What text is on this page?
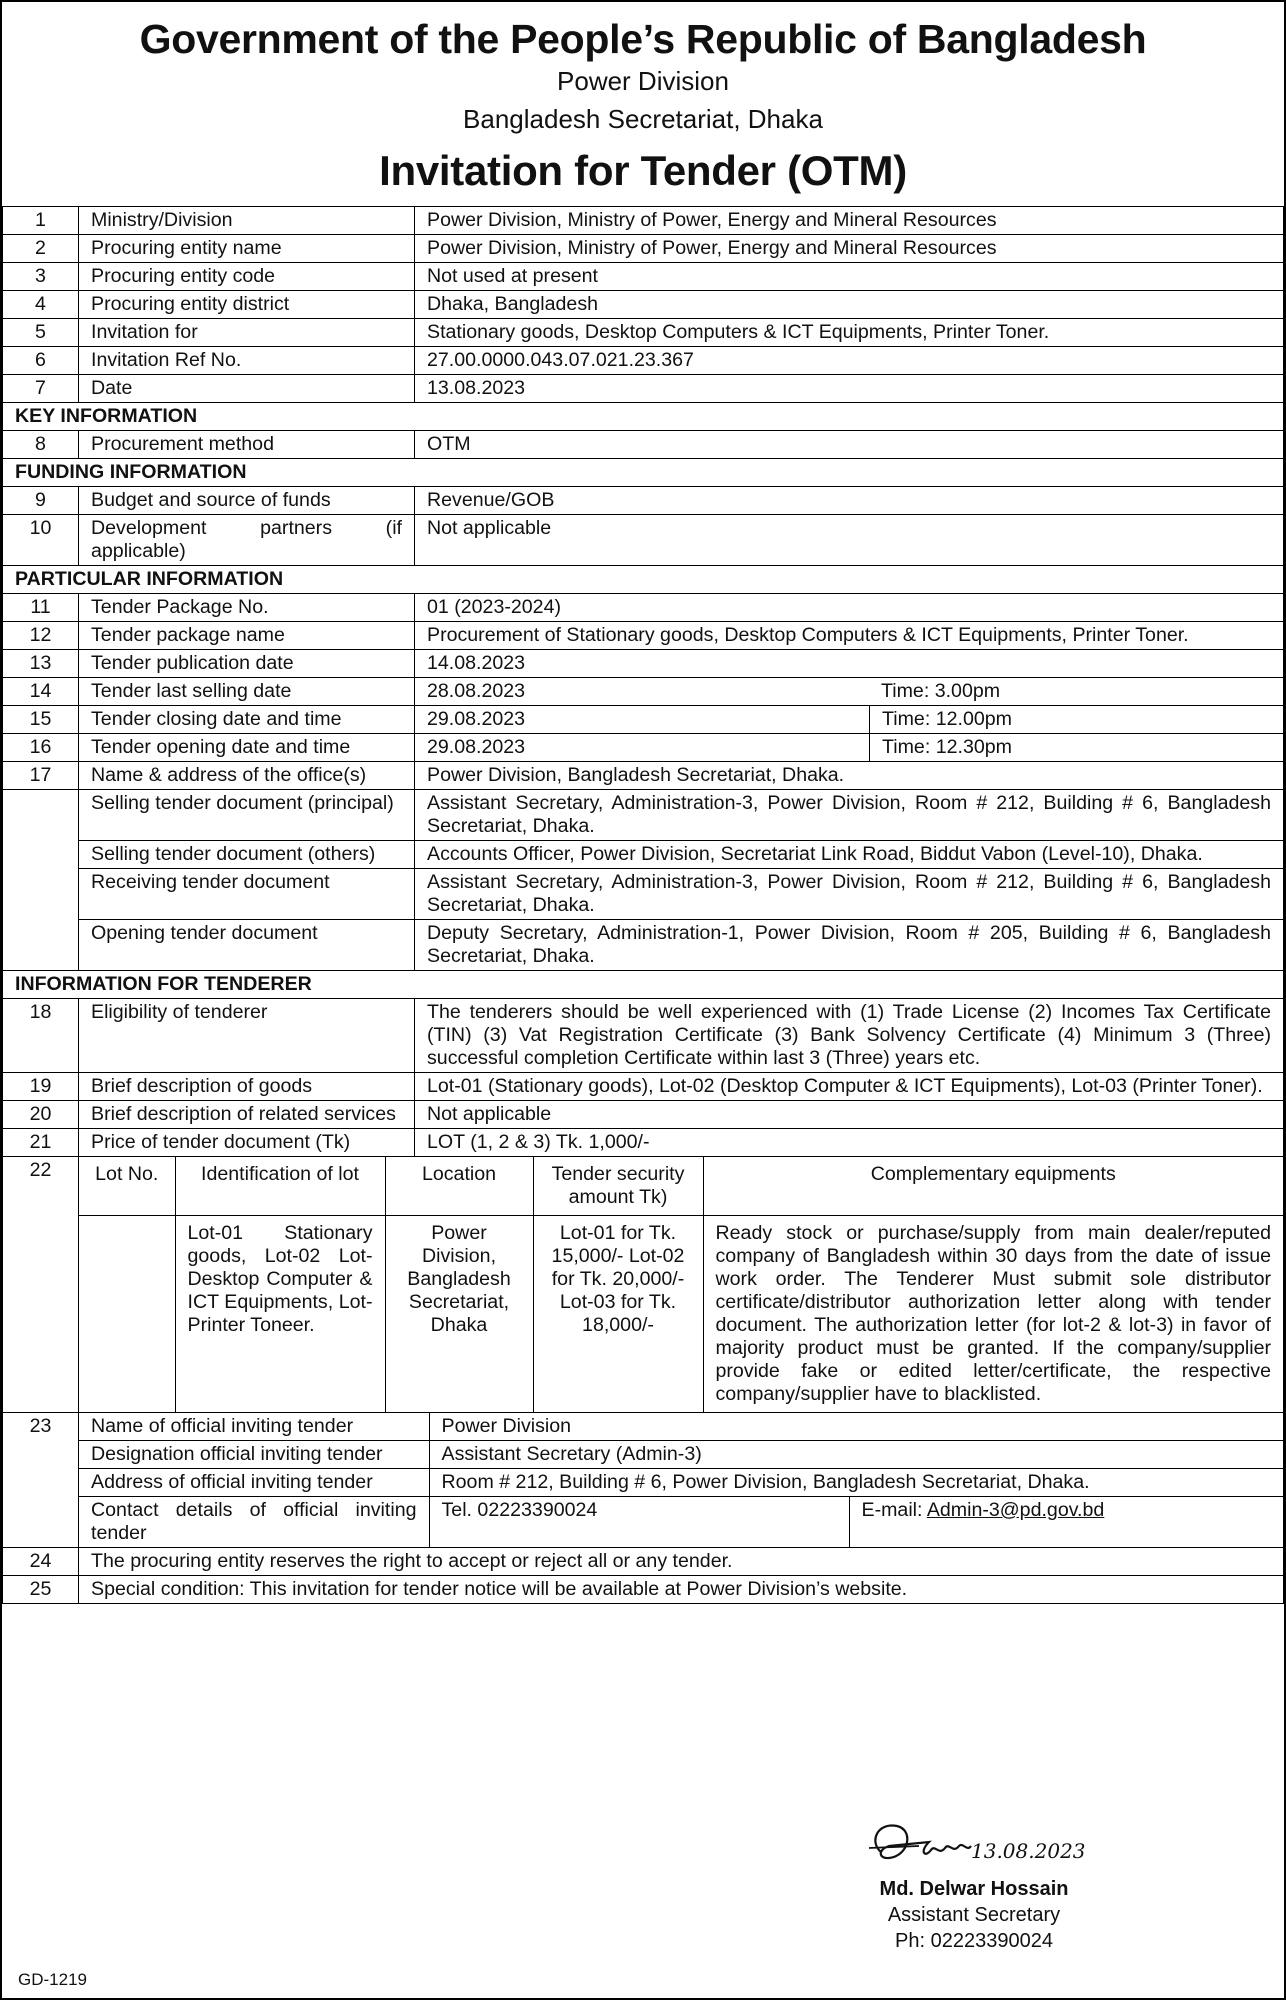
Government of the People’s Republic of Bangladesh
Power Division
Bangladesh Secretariat, Dhaka
Invitation for Tender (OTM)
1	Ministry/Division	Power Division, Ministry of Power, Energy and Mineral Resources
2	Procuring entity name	Power Division, Ministry of Power, Energy and Mineral Resources
3	Procuring entity code	Not used at present
4	Procuring entity district	Dhaka, Bangladesh
5	Invitation for	Stationary goods, Desktop Computers & ICT Equipments, Printer Toner.
6	Invitation Ref No.	27.00.0000.043.07.021.23.367
7	Date	13.08.2023
KEY INFORMATION
8	Procurement method	OTM
FUNDING INFORMATION
9	Budget and source of funds	Revenue/GOB
10	Development partners (if applicable)	Not applicable
PARTICULAR INFORMATION
11	Tender Package No.	01 (2023-2024)
12	Tender package name	Procurement of Stationary goods, Desktop Computers & ICT Equipments, Printer Toner.
13	Tender publication date	14.08.2023
14	Tender last selling date		28.08.2023	Time: 3.00pm

15	Tender closing date and time		29.08.2023	Time: 12.00pm

16	Tender opening date and time		29.08.2023	Time: 12.30pm

17	Name & address of the office(s)	Power Division, Bangladesh Secretariat, Dhaka.
	Selling tender document (principal)	Assistant Secretary, Administration-3, Power Division, Room # 212, Building # 6, Bangladesh Secretariat, Dhaka.
Selling tender document (others)	Accounts Officer, Power Division, Secretariat Link Road, Biddut Vabon (Level-10), Dhaka.
Receiving tender document	Assistant Secretary, Administration-3, Power Division, Room # 212, Building # 6, Bangladesh Secretariat, Dhaka.
Opening tender document	Deputy Secretary, Administration-1, Power Division, Room # 205, Building # 6, Bangladesh Secretariat, Dhaka.
INFORMATION FOR TENDERER
18	Eligibility of tenderer	The tenderers should be well experienced with (1) Trade License (2) Incomes Tax Certificate (TIN) (3) Vat Registration Certificate (3) Bank Solvency Certificate (4) Minimum 3 (Three) successful completion Certificate within last 3 (Three) years etc.
19	Brief description of goods	Lot-01 (Stationary goods), Lot-02 (Desktop Computer & ICT Equipments), Lot-03 (Printer Toner).
20	Brief description of related services	Not applicable
21	Price of tender document (Tk)	LOT (1, 2 & 3) Tk. 1,000/-
22	Lot No.	Identification of lot	Location	Tender security amount Tk)	Complementary equipments
	Lot-01 Stationary goods, Lot-02 Lot-Desktop Computer & ICT Equipments, Lot-Printer Toneer.	Power Division, Bangladesh Secretariat, Dhaka	Lot-01 for Tk. 15,000/- Lot-02 for Tk. 20,000/- Lot-03 for Tk. 18,000/-	Ready stock or purchase/supply from main dealer/reputed company of Bangladesh within 30 days from the date of issue work order. The Tenderer Must submit sole distributor certificate/distributor authorization letter along with tender document. The authorization letter (for lot-2 & lot-3) in favor of majority product must be granted. If the company/supplier provide fake or edited letter/certificate, the respective company/supplier have to blacklisted.

23	Name of official inviting tender	Power Division
Designation official inviting tender	Assistant Secretary (Admin-3)
Address of official inviting tender	Room # 212, Building # 6, Power Division, Bangladesh Secretariat, Dhaka.
Contact details of official inviting tender	Tel. 02223390024	E-mail: Admin-3@pd.gov.bd

24	The procuring entity reserves the right to accept or reject all or any tender.
25	Special condition: This invitation for tender notice will be available at Power Division’s website.
13.08.2023
Md. Delwar Hossain
Assistant Secretary
Ph: 02223390024
GD-1219
